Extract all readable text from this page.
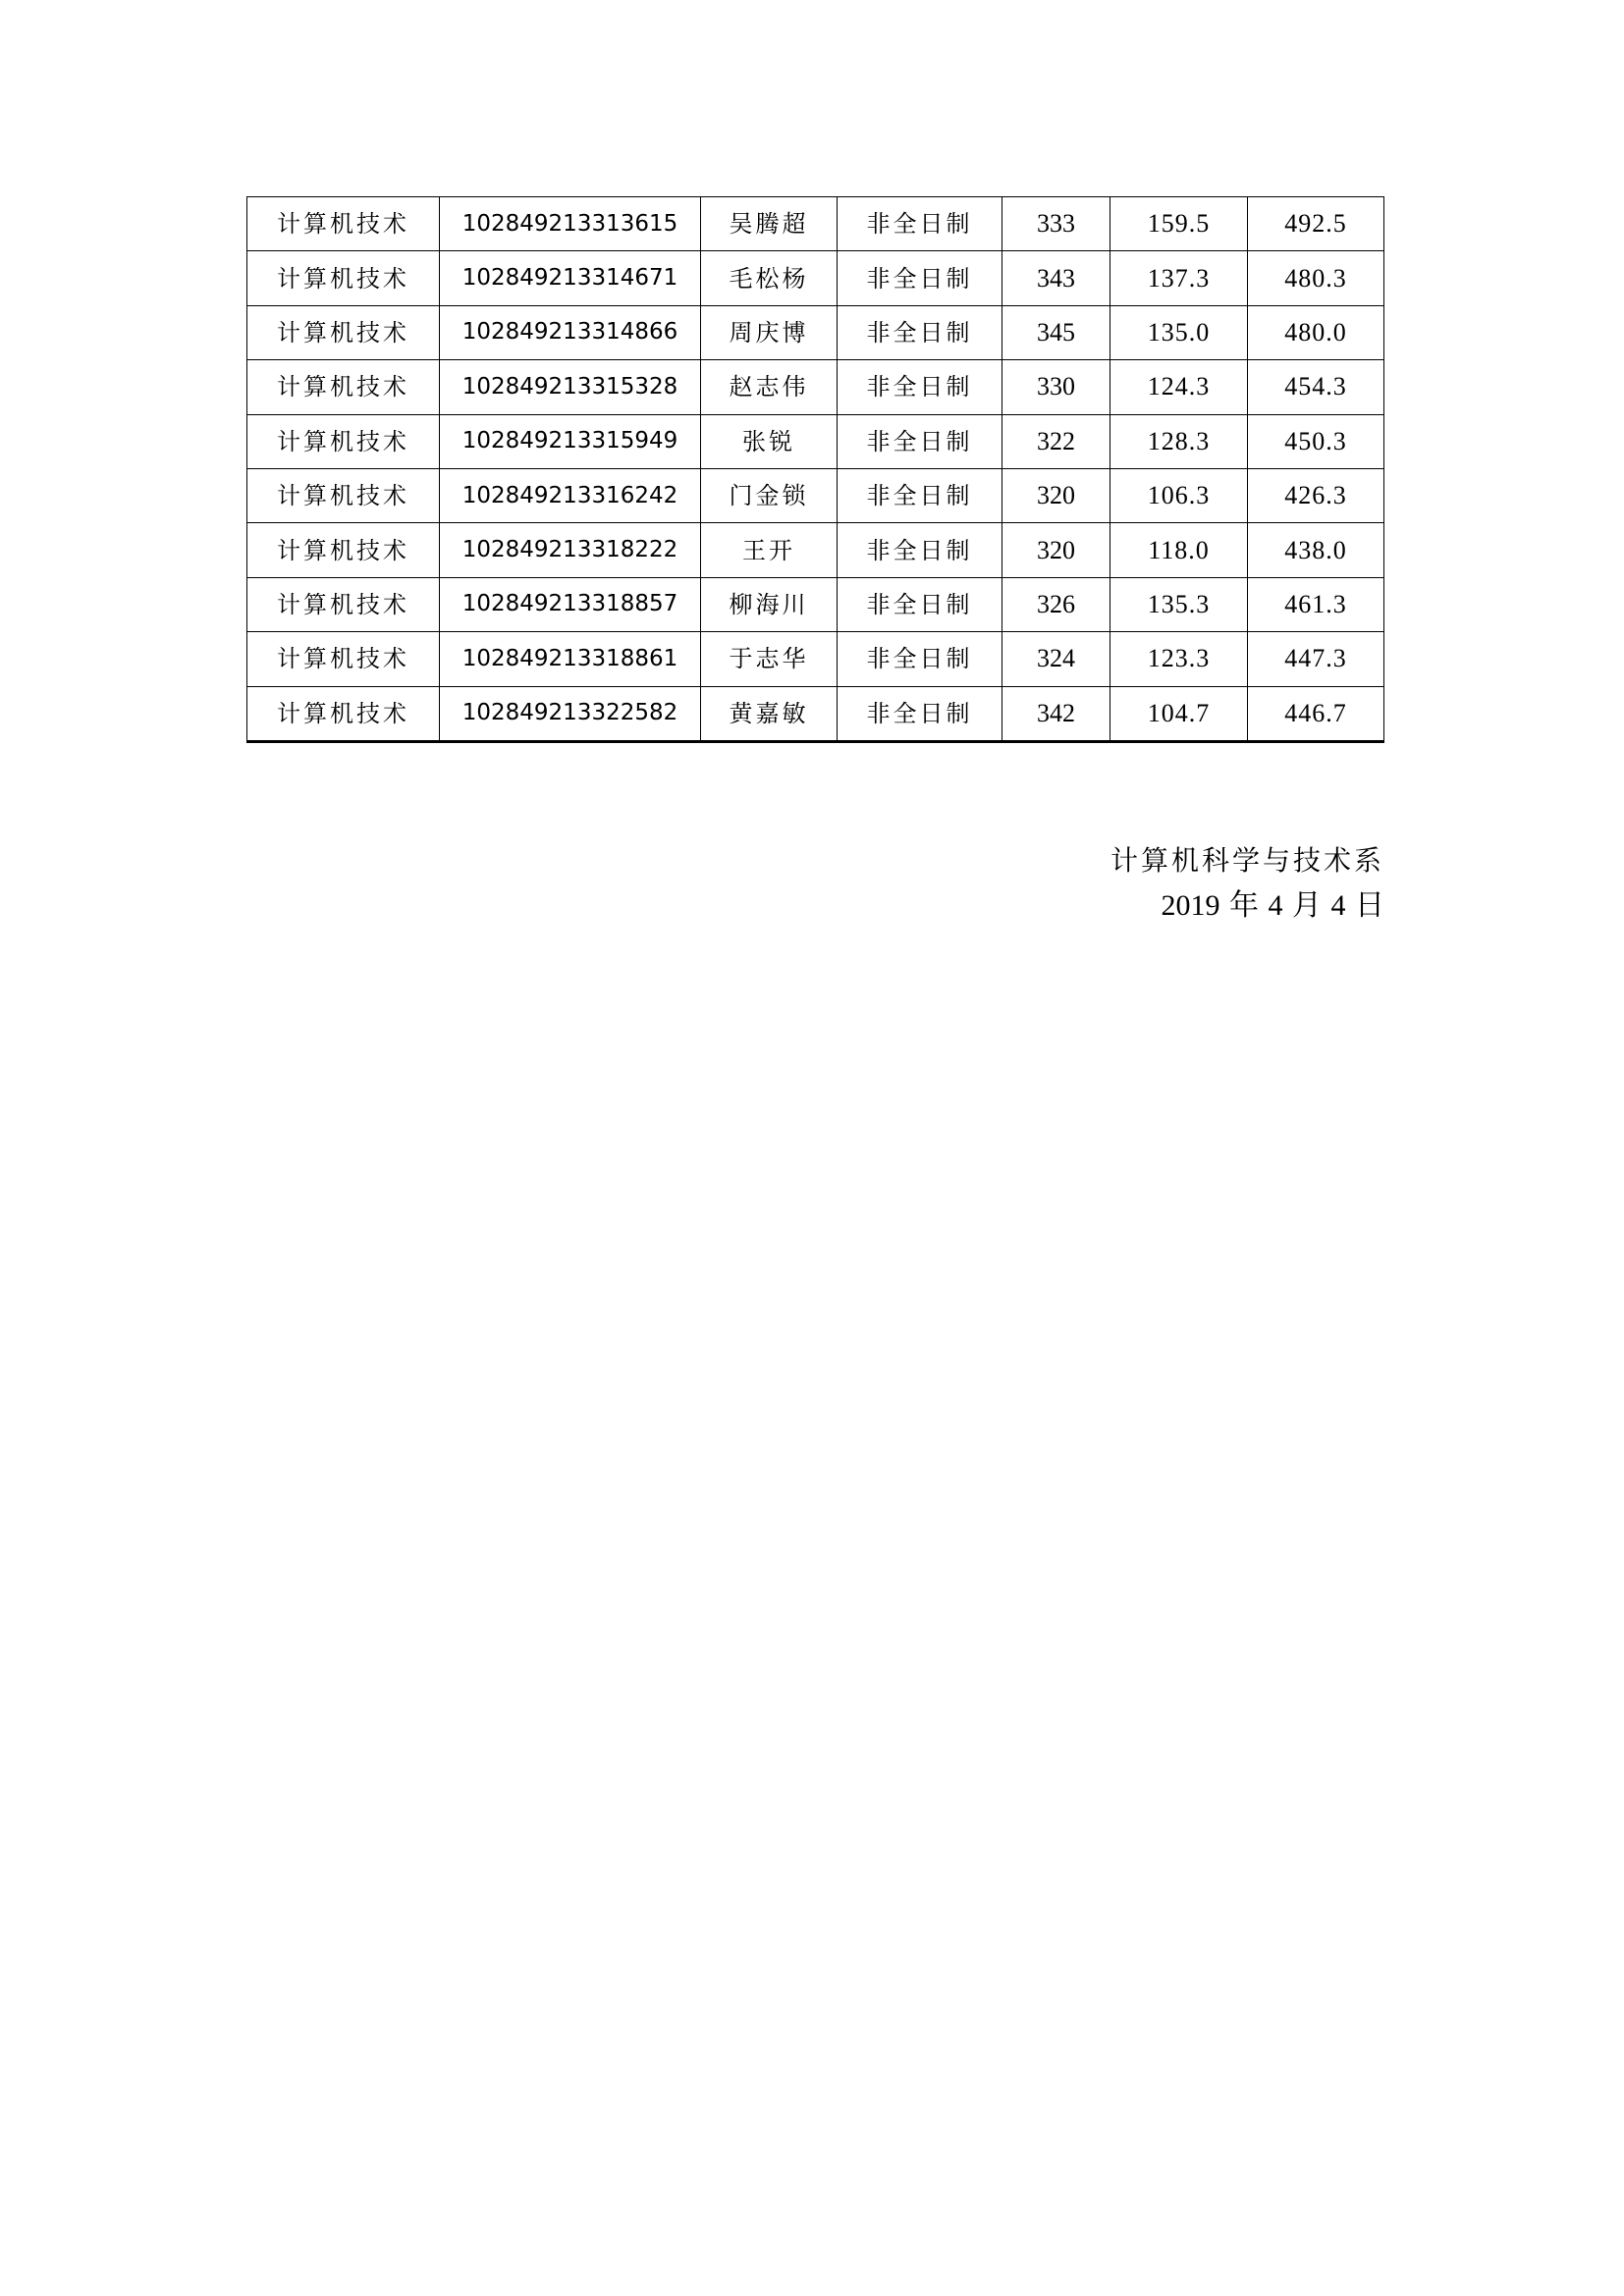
计算机技术	102849213313615	吴腾超	非全日制	333	159.5	492.5
计算机技术	102849213314671	毛松杨	非全日制	343	137.3	480.3
计算机技术	102849213314866	周庆博	非全日制	345	135.0	480.0
计算机技术	102849213315328	赵志伟	非全日制	330	124.3	454.3
计算机技术	102849213315949	张锐	非全日制	322	128.3	450.3
计算机技术	102849213316242	门金锁	非全日制	320	106.3	426.3
计算机技术	102849213318222	王开	非全日制	320	118.0	438.0
计算机技术	102849213318857	柳海川	非全日制	326	135.3	461.3
计算机技术	102849213318861	于志华	非全日制	324	123.3	447.3
计算机技术	102849213322582	黄嘉敏	非全日制	342	104.7	446.7
计算机科学与技术系
2019 年 4 月 4 日
